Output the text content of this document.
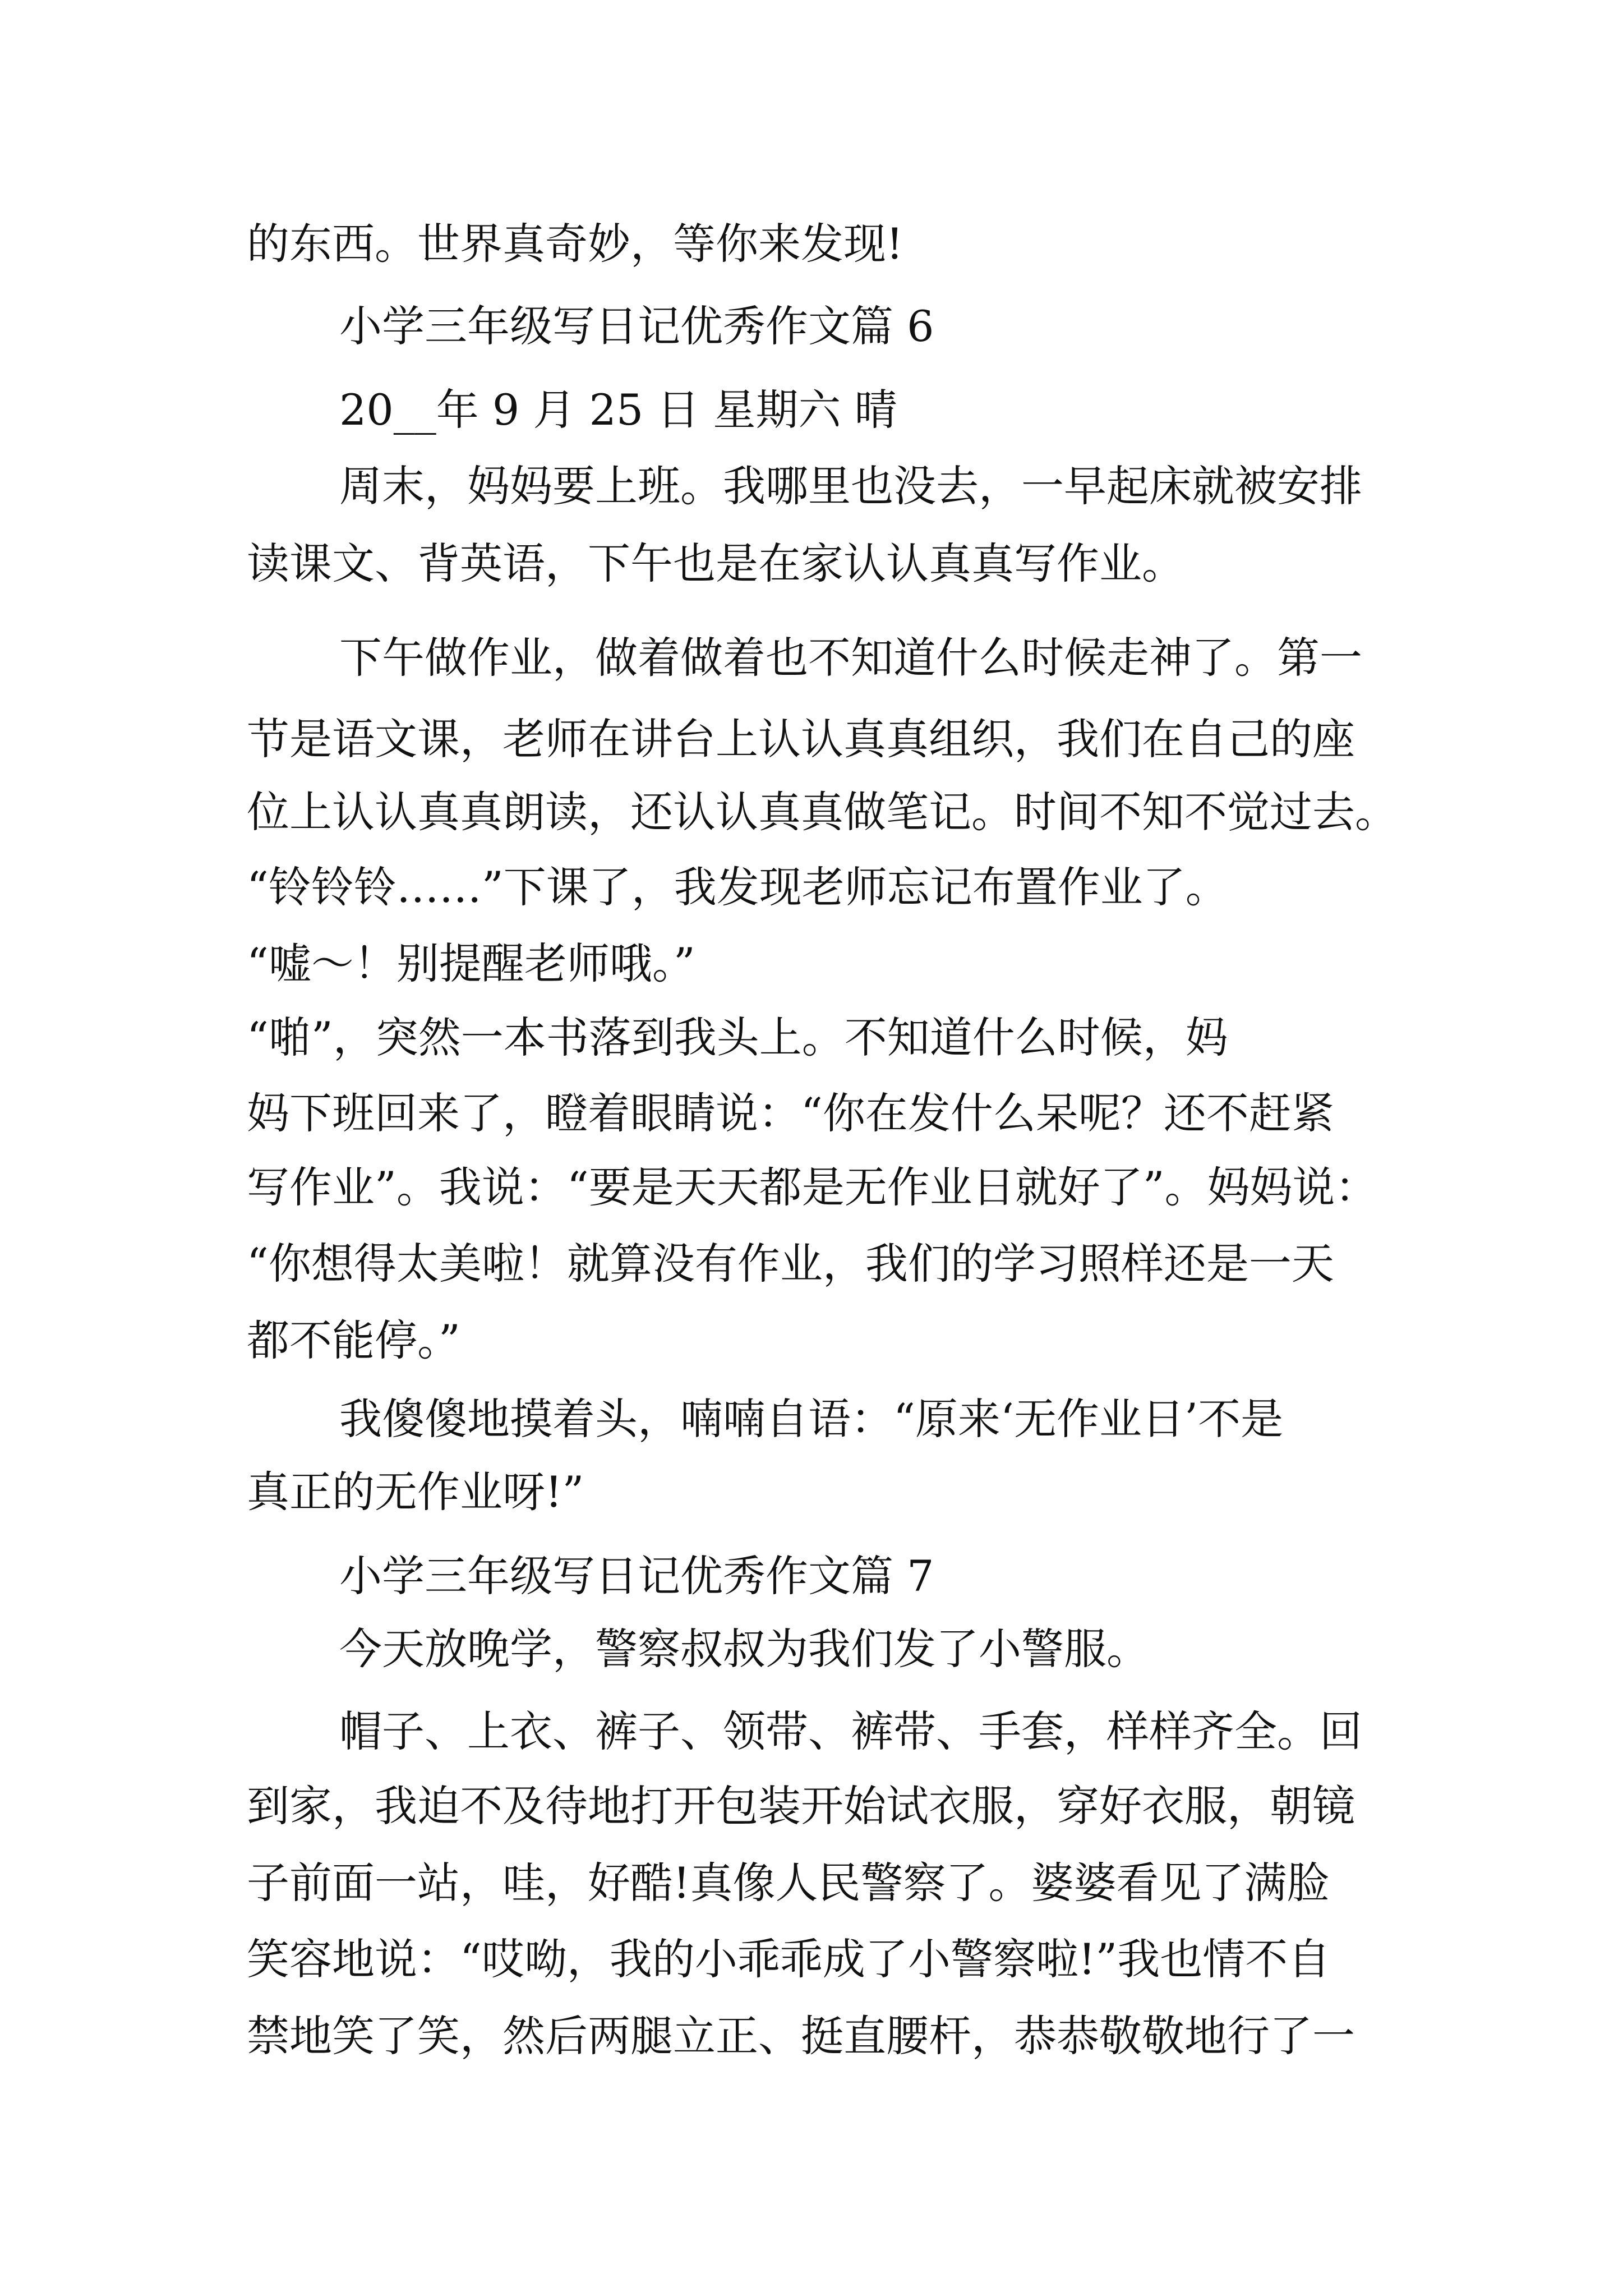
的东西。世界真奇妙，等你来发现!
小学三年级写日记优秀作文篇 6
20__年 9 月 25 日 星期六 晴
周末，妈妈要上班。我哪里也没去，一早起床就被安排
读课文、背英语，下午也是在家认认真真写作业。
下午做作业，做着做着也不知道什么时候走神了。第一
节是语文课，老师在讲台上认认真真组织，我们在自己的座
位上认认真真朗读，还认认真真做笔记。时间不知不觉过去。
“铃铃铃……”下课了，我发现老师忘记布置作业了。
“嘘～！别提醒老师哦。”
“啪”，突然一本书落到我头上。不知道什么时候，妈
妈下班回来了，瞪着眼睛说：“你在发什么呆呢？还不赶紧
写作业”。我说：“要是天天都是无作业日就好了”。妈妈说：
“你想得太美啦！就算没有作业，我们的学习照样还是一天
都不能停。”
我傻傻地摸着头，喃喃自语：“原来‘无作业日’不是
真正的无作业呀!”
小学三年级写日记优秀作文篇 7
今天放晚学，警察叔叔为我们发了小警服。
帽子、上衣、裤子、领带、裤带、手套，样样齐全。回
到家，我迫不及待地打开包装开始试衣服，穿好衣服，朝镜
子前面一站，哇，好酷!真像人民警察了。婆婆看见了满脸
笑容地说：“哎呦，我的小乖乖成了小警察啦!”我也情不自
禁地笑了笑，然后两腿立正、挺直腰杆，恭恭敬敬地行了一
